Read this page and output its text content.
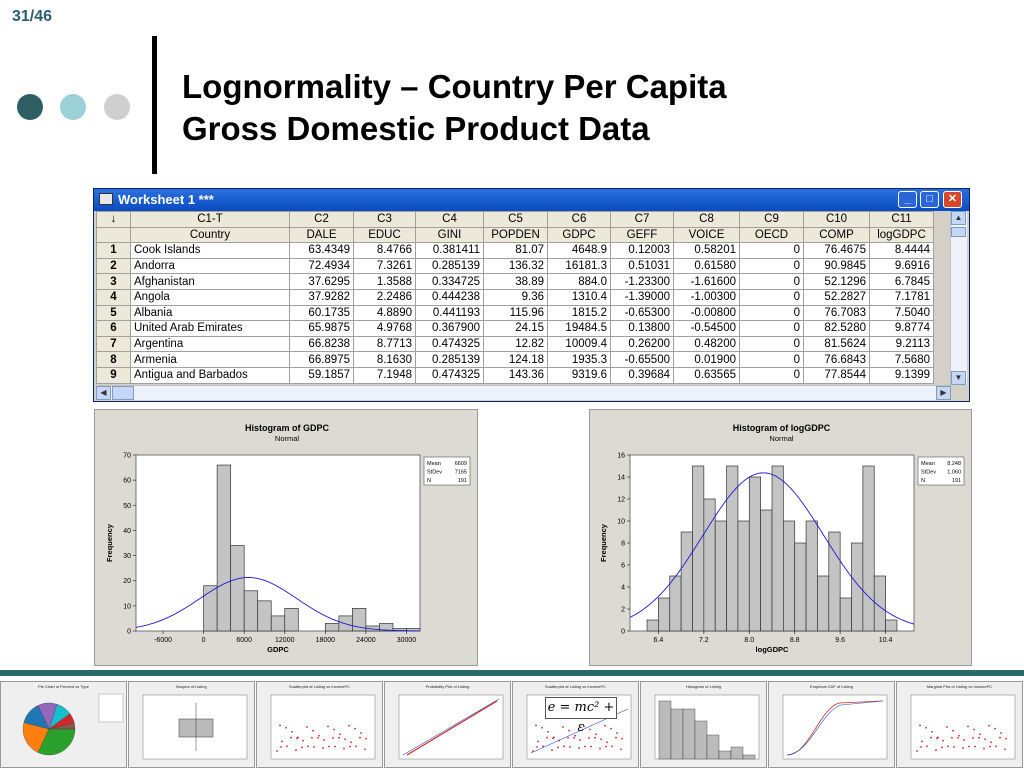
31/46
Lognormality – Country Per Capita
Gross Domestic Product Data
Worksheet 1 ***	_	□	✕
↓	C1-T	C2	C3	C4	C5	C6	C7	C8	C9	C10	C11
	Country	DALE	EDUC	GINI	POPDEN	GDPC	GEFF	VOICE	OECD	COMP	logGDPC
1	Cook Islands	63.4349	8.4766	0.381411	81.07	4648.9	0.12003	0.58201	0	76.4675	8.4444
2	Andorra	72.4934	7.3261	0.285139	136.32	16181.3	0.51031	0.61580	0	90.9845	9.6916
3	Afghanistan	37.6295	1.3588	0.334725	38.89	884.0	-1.23300	-1.61600	0	52.1296	6.7845
4	Angola	37.9282	2.2486	0.444238	9.36	1310.4	-1.39000	-1.00300	0	52.2827	7.1781
5	Albania	60.1735	4.8890	0.441193	115.96	1815.2	-0.65300	-0.00800	0	76.7083	7.5040
6	United Arab Emirates	65.9875	4.9768	0.367900	24.15	19484.5	0.13800	-0.54500	0	82.5280	9.8774
7	Argentina	66.8238	8.7713	0.474325	12.82	10009.4	0.26200	0.48200	0	81.5624	9.2113
8	Armenia	66.8975	8.1630	0.285139	124.18	1935.3	-0.65500	0.01900	0	76.6843	7.5680
9	Antigua and Barbados	59.1857	7.1948	0.474325	143.36	9319.6	0.39684	0.63565	0	77.8544	9.1399
▲
▼
◀	▶
Histogram of GDPC
Normal
0
10
20
30
40
50
60
70
-6000	0	6000	12000	18000	24000	30000
GDPC
Frequency
Mean	6609
StDev 7165
N	191
Histogram of logGDPC
Normal
0
2
4
6
8
10
12
14
16
6.4	7.2	8.0	8.8	9.6	10.4
logGDPC
Frequency
Mean 8.248
StDev 1.060
N	191
Pie Chart of Percent vs Type	Boxplot of Listing	Scatterplot of Listing vs IncomePC	Probability Plot of Listing	Scatterplot of Listing vs IncomePC	Histogram of Listing	Empirical CDF of Listing	Marginal Plot of Listing vs IncomePC
e = mc² + ε
